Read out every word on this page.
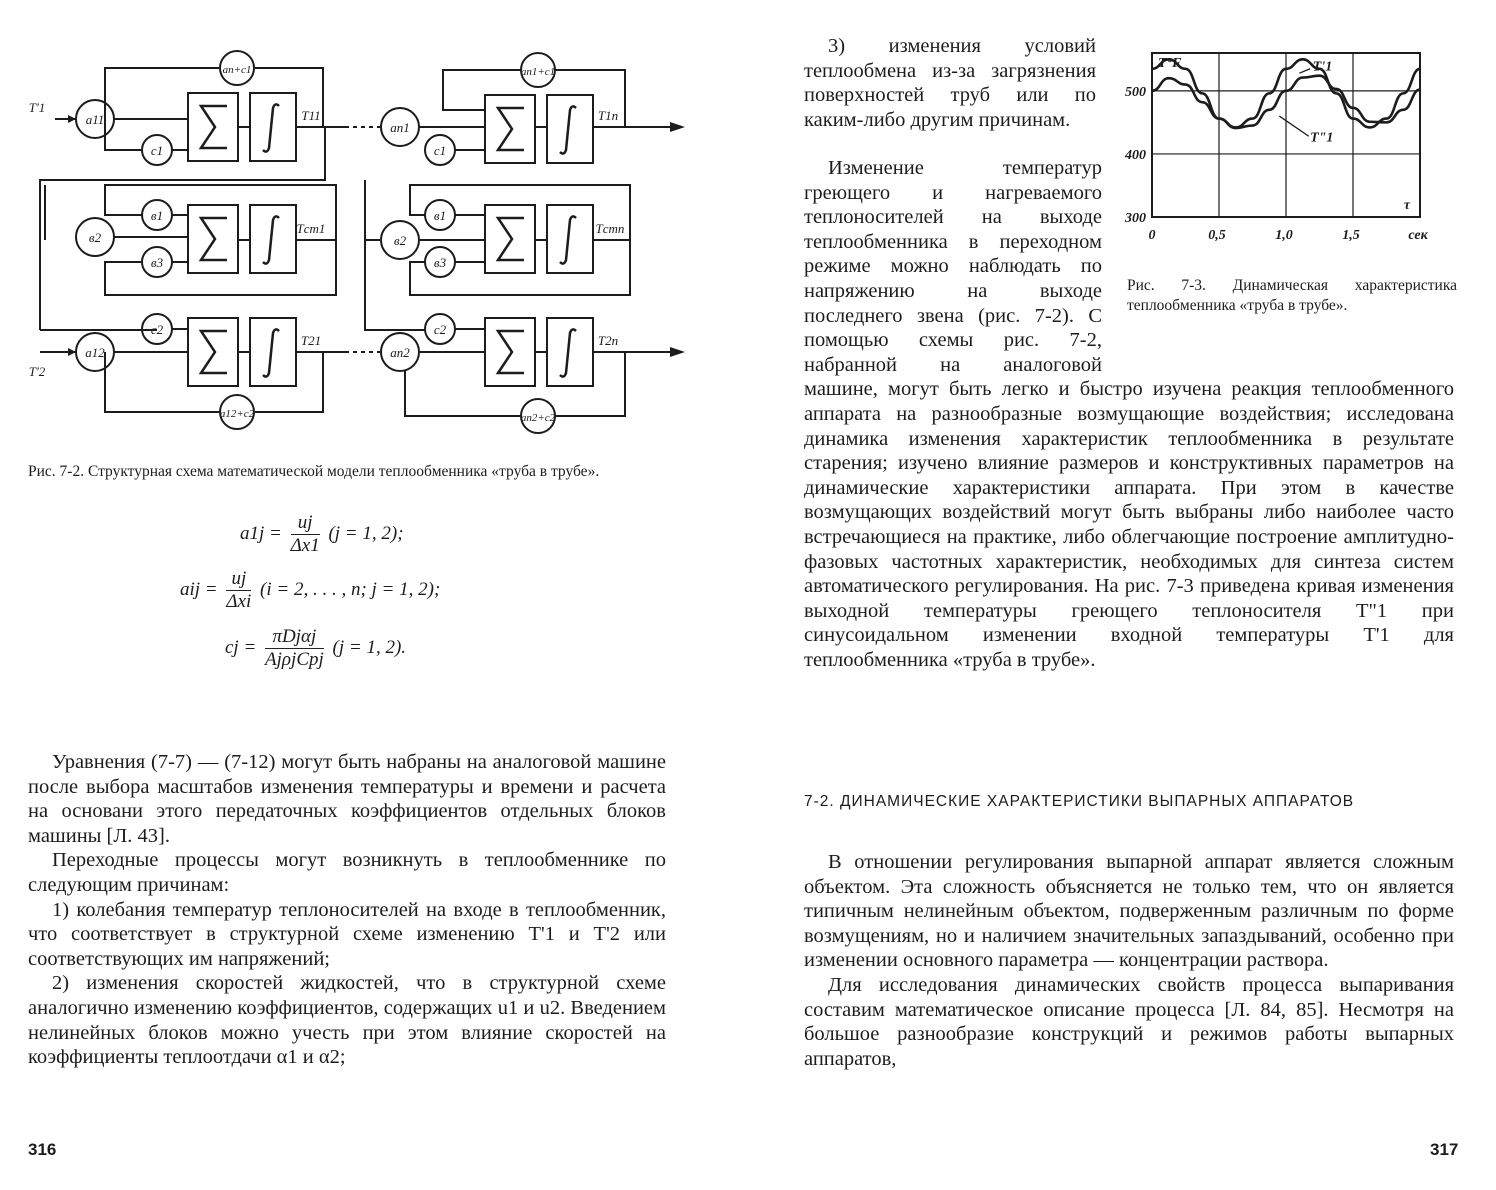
T'1
T'2
a11
a12
an1
an2
c1	c1
c2	c2
в1	в1
в2	в2
в3	в3
aп+c1	aп1+c1
a12+c2	aп2+c2
T11
Tст1
T21
T1п
Tстп
T2п
Рис. 7-2. Структурная схема математической модели теплообменника «труба в трубе».
$a1j = \frac{uj}{\Delta x1} (j = 1$, 2);
aij = $\frac{uj}{\text{Δxi}} (i = 2$, . . . , n; j = 1, 2);
cj = $\frac{\text{πDjαj}}{\text{AjρjCpj}} (j = 1$, 2).

Уравнения (7-7) — (7-12) могут быть набраны на аналоговой машине после выбора масштабов изменения температуры и времени и расчета на основани этого передаточных коэффициентов отдельных блоков машины [Л. 43].

Переходные процессы могут возникнуть в теплообменнике по следующим причинам:

1) колебания температур теплоносителей на входе в теплообменник, что соответствует в структурной схеме изменению T'1 и T'2 или соответствующих им напряжений;

2) изменения скоростей жидкостей, что в структурной схеме аналогично изменению коэффициентов, содержащих u1 и u2. Введением нелинейных блоков можно учесть при этом влияние скоростей на коэффициенты теплоотдачи α1 и α2;

316

3) изменения условий теплообмена из-за загрязнения поверхностей труб или по каким-либо другим причинам.

300
400
500
0	0,5	1,0	1,5	сек
T°F
τ
T'1
T"1
Рис. 7-3. Динамическая характеристика теплообменника «труба в трубе».

Изменение температур греющего и нагреваемого теплоносителей на выходе теплообменника в переходном режиме можно наблюдать по напряжению на выходе последнего звена (рис. 7-2). С помощью схемы рис. 7-2, набранной на аналоговой машине, могут быть легко и быстро изучена реакция теплообменного аппарата на разнообразные возмущающие воздействия; исследована динамика изменения характеристик теплообменника в результате старения; изучено влияние размеров и конструктивных параметров на динамические характеристики аппарата. При этом в качестве возмущающих воздействий могут быть выбраны либо наиболее часто встречающиеся на практике, либо облегчающие построение амплитудно-фазовых частотных характеристик, необходимых для синтеза систем автоматического регулирования. На рис. 7-3 приведена кривая изменения выходной температуры греющего теплоносителя T"1 при синусоидальном изменении входной температуры T'1 для теплообменника «труба в трубе».

7-2. ДИНАМИЧЕСКИЕ ХАРАКТЕРИСТИКИ ВЫПАРНЫХ АППАРАТОВ

В отношении регулирования выпарной аппарат является сложным объектом. Эта сложность объясняется не только тем, что он является типичным нелинейным объектом, подверженным различным по форме возмущениям, но и наличием значительных запаздываний, особенно при изменении основного параметра — концентрации раствора.

Для исследования динамических свойств процесса выпаривания составим математическое описание процесса [Л. 84, 85]. Несмотря на большое разнообразие конструкций и режимов работы выпарных аппаратов,

317
